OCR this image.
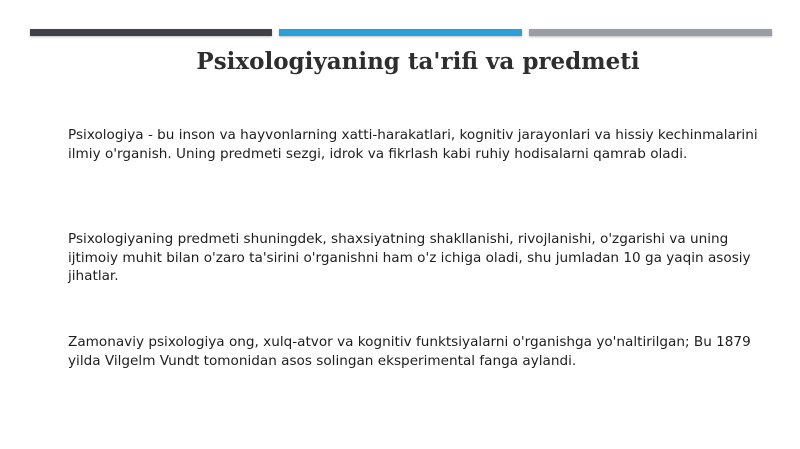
Psixologiyaning ta'rifi va predmeti

Psixologiya - bu inson va hayvonlarning xatti-harakatlari, kognitiv jarayonlari va hissiy kechinmalarini ilmiy o'rganish. Uning predmeti sezgi, idrok va fikrlash kabi ruhiy hodisalarni qamrab oladi.

Psixologiyaning predmeti shuningdek, shaxsiyatning shakllanishi, rivojlanishi, o'zgarishi va uning ijtimoiy muhit bilan o'zaro ta'sirini o'rganishni ham o'z ichiga oladi, shu jumladan 10 ga yaqin asosiy jihatlar.

Zamonaviy psixologiya ong, xulq-atvor va kognitiv funktsiyalarni o'rganishga yo'naltirilgan; Bu 1879 yilda Vilgelm Vundt tomonidan asos solingan eksperimental fanga aylandi.
